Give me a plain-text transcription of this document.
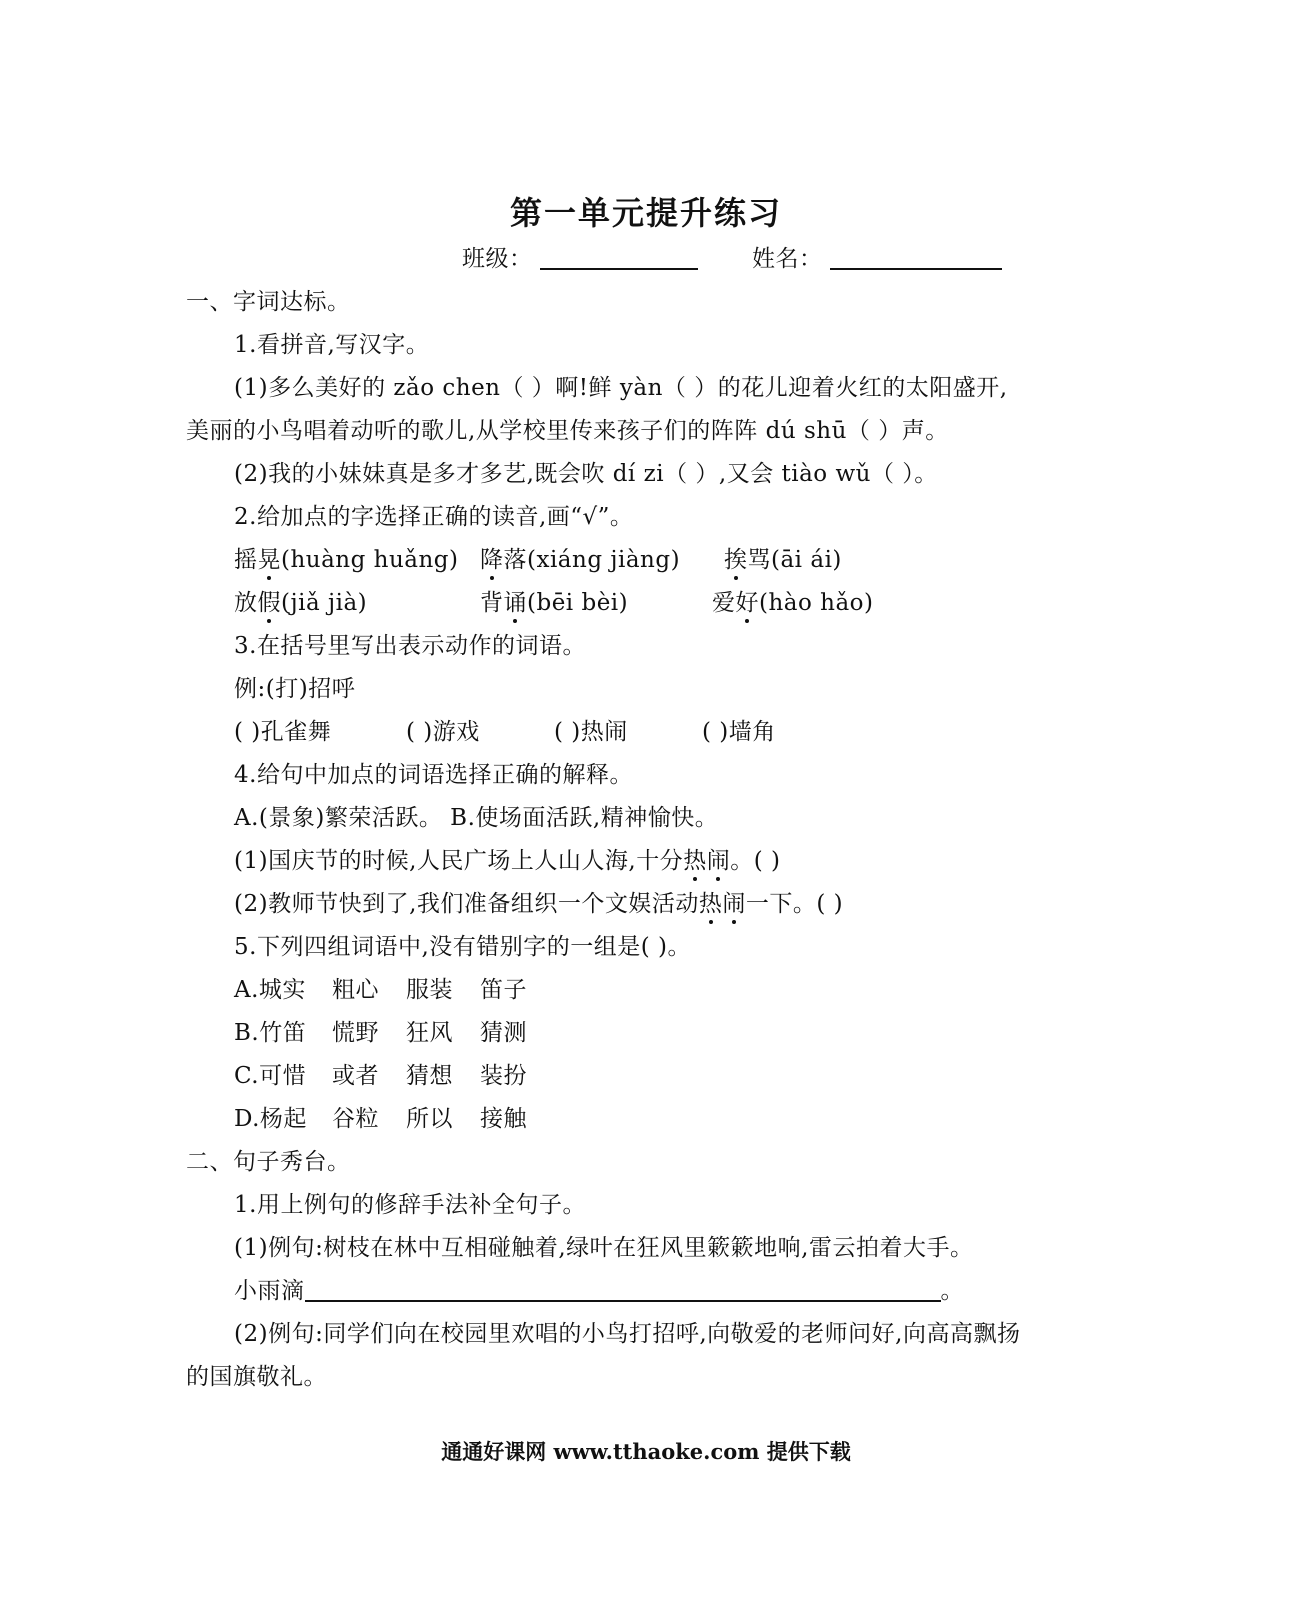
第一单元提升练习
班级：	姓名：
一、字词达标。
1.看拼音,写汉字。
(1)多么美好的 zǎo chen（ ）啊!鲜 yàn（ ）的花儿迎着火红的太阳盛开,
美丽的小鸟唱着动听的歌儿,从学校里传来孩子们的阵阵 dú shū（ ）声。
(2)我的小妹妹真是多才多艺,既会吹 dí zi（ ）,又会 tiào wǔ（ ）。
2.给加点的字选择正确的读音,画“√”。
摇晃(huàng huǎng) 降落(xiáng jiàng) 挨骂(āi ái)
放假(jiǎ jià)	背诵(bēi bèi)	爱好(hào hǎo)
3.在括号里写出表示动作的词语。
例:(打)招呼
( )孔雀舞	( )游戏	( )热闹	( )墙角
4.给句中加点的词语选择正确的解释。
A.(景象)繁荣活跃。 B.使场面活跃,精神愉快。
(1)国庆节的时候,人民广场上人山人海,十分热闹。( )
(2)教师节快到了,我们准备组织一个文娱活动热闹一下。( )
5.下列四组词语中,没有错别字的一组是( )。
A.城实 粗心 服装 笛子
B.竹笛 慌野 狂风 猜测
C.可惜 或者 猜想 装扮
D.杨起 谷粒 所以 接触
二、句子秀台。
1.用上例句的修辞手法补全句子。
(1)例句:树枝在林中互相碰触着,绿叶在狂风里簌簌地响,雷云拍着大手。
小雨滴	。
(2)例句:同学们向在校园里欢唱的小鸟打招呼,向敬爱的老师问好,向高高飘扬
的国旗敬礼。
通通好课网 www.tthaoke.com 提供下载
